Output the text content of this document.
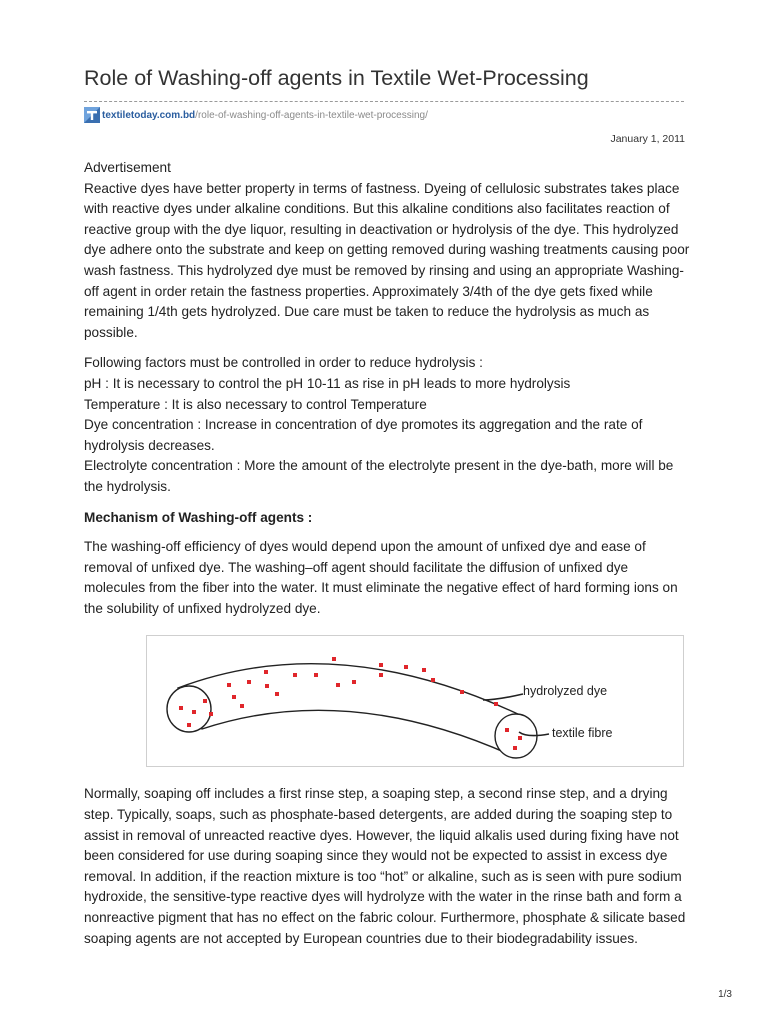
Role of Washing-off agents in Textile Wet-Processing
textiletoday.com.bd /role-of-washing-off-agents-in-textile-wet-processing/
January 1, 2011

Advertisement

Reactive dyes have better property in terms of fastness. Dyeing of cellulosic substrates takes place with reactive dyes under alkaline conditions. But this alkaline conditions also facilitates reaction of reactive group with the dye liquor, resulting in deactivation or hydrolysis of the dye. This hydrolyzed dye adhere onto the substrate and keep on getting removed during washing treatments causing poor wash fastness. This hydrolyzed dye must be removed by rinsing and using an appropriate Washing-off agent in order retain the fastness properties. Approximately 3/4th of the dye gets fixed while remaining 1/4th gets hydrolyzed. Due care must be taken to reduce the hydrolysis as much as possible.

Following factors must be controlled in order to reduce hydrolysis :

pH : It is necessary to control the pH 10-11 as rise in pH leads to more hydrolysis

Temperature : It is also necessary to control Temperature

Dye concentration : Increase in concentration of dye promotes its aggregation and the rate of hydrolysis decreases.

Electrolyte concentration : More the amount of the electrolyte present in the dye-bath, more will be the hydrolysis.

Mechanism of Washing-off agents :

The washing-off efficiency of dyes would depend upon the amount of unfixed dye and ease of removal of unfixed dye. The washing–off agent should facilitate the diffusion of unfixed dye molecules from the fiber into the water. It must eliminate the negative effect of hard forming ions on the solubility of unfixed hydrolyzed dye.

hydrolyzed dye
textile fibre

Normally, soaping off includes a first rinse step, a soaping step, a second rinse step, and a drying step. Typically, soaps, such as phosphate-based detergents, are added during the soaping step to assist in removal of unreacted reactive dyes. However, the liquid alkalis used during fixing have not been considered for use during soaping since they would not be expected to assist in excess dye removal. In addition, if the reaction mixture is too “hot” or alkaline, such as is seen with pure sodium hydroxide, the sensitive-type reactive dyes will hydrolyze with the water in the rinse bath and form a nonreactive pigment that has no effect on the fabric colour. Furthermore, phosphate & silicate based soaping agents are not accepted by European countries due to their biodegradability issues.

1/3
